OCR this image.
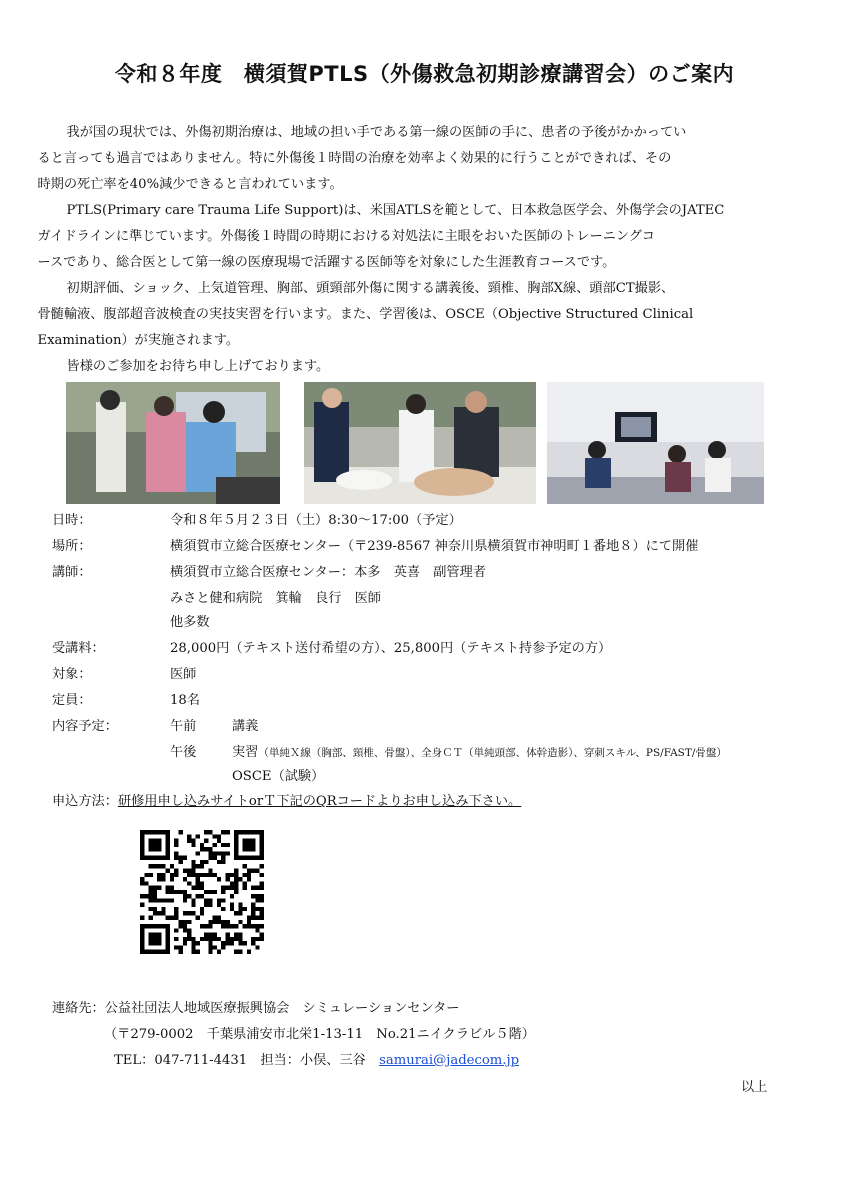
令和８年度　横須賀PTLS（外傷救急初期診療講習会）のご案内

我が国の現状では、外傷初期治療は、地域の担い手である第一線の医師の手に、患者の予後がかかってい
ると言っても過言ではありません。特に外傷後１時間の治療を効率よく効果的に行うことができれば、その
時期の死亡率を40%減少できると言われています。

PTLS(Primary care Trauma Life Support)は、米国ATLSを範として、日本救急医学会、外傷学会のJATEC
ガイドラインに準じています。外傷後１時間の時期における対処法に主眼をおいた医師のトレーニングコ
ースであり、総合医として第一線の医療現場で活躍する医師等を対象にした生涯教育コースです。

初期評価、ショック、上気道管理、胸部、頭頸部外傷に関する講義後、頸椎、胸部X線、頭部CT撮影、
骨髄輸液、腹部超音波検査の実技実習を行います。また、学習後は、OSCE（Objective Structured Clinical
Examination）が実施されます。

皆様のご参加をお待ち申し上げております。

日時：	令和８年５月２３日（土）8:30～17:00（予定）
場所：	横須賀市立総合医療センター（〒239-8567 神奈川県横須賀市神明町１番地８）にて開催
講師：	横須賀市立総合医療センター：本多　英喜　副管理者
みさと健和病院　箕輪　良行　医師
他多数
受講料：	28,000円（テキスト送付希望の方）、25,800円（テキスト持参予定の方）
対象：	医師
定員：	18名
内容予定：	午前	講義
午後	実習（単純Ｘ線（胸部、頸椎、骨盤）、全身ＣＴ（単純頭部、体幹造影）、穿刺スキル、PS/FAST/骨盤）
OSCE（試験）
申込方法：研修用申し込みサイトorＴ下記のQRコードよりお申し込み下さい。
連絡先：公益社団法人地域医療振興協会　シミュレーションセンター
（〒279-0002　千葉県浦安市北栄1-13-11　No.21ニイクラビル５階）
TEL：047-711-4431　担当：小俣、三谷　 samurai@jadecom.jp
以上
